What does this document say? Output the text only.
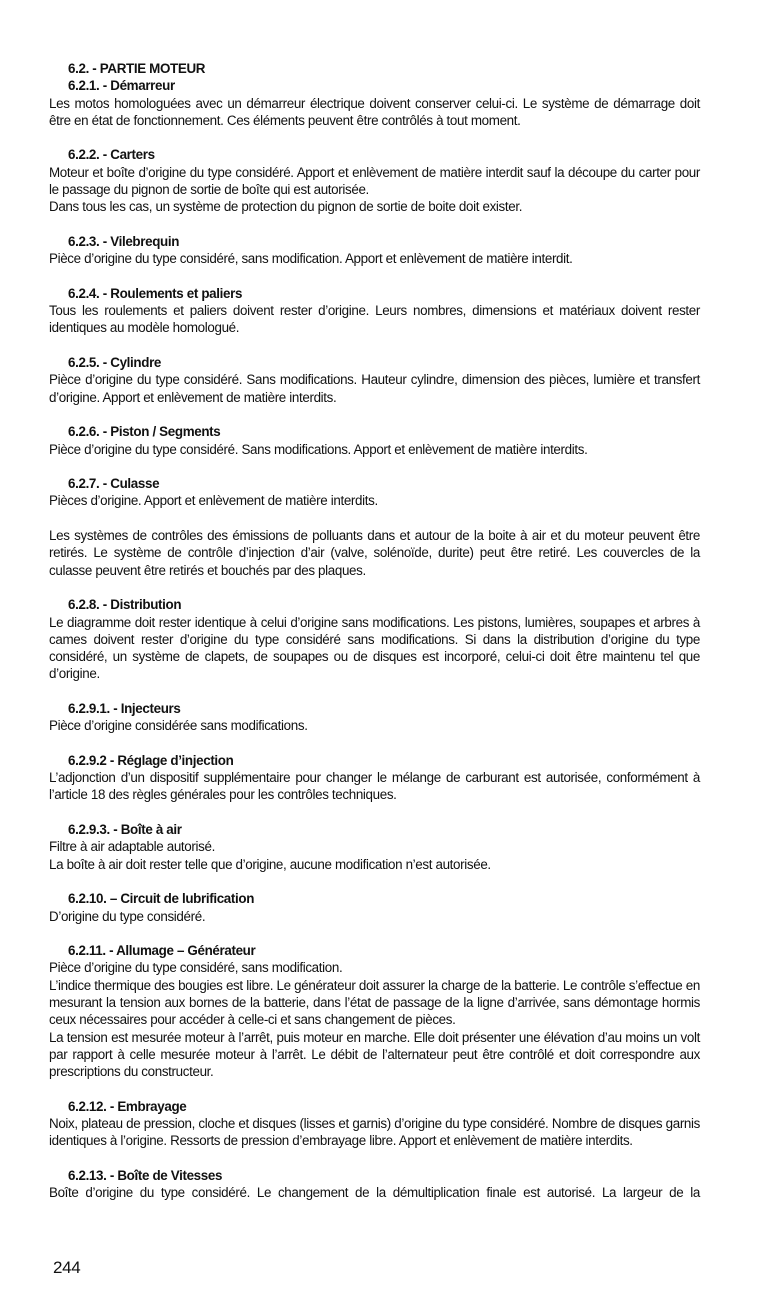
6.2. - PARTIE MOTEUR
6.2.1. - Démarreur

Les motos homologuées avec un démarreur électrique doivent conserver celui-ci. Le système de démarrage doit être en état de fonctionnement. Ces éléments peuvent être contrôlés à tout moment.

6.2.2. - Carters

Moteur et boîte d’origine du type considéré. Apport et enlèvement de matière interdit sauf la découpe du carter pour le passage du pignon de sortie de boîte qui est autorisée.

Dans tous les cas, un système de protection du pignon de sortie de boite doit exister.

6.2.3. - Vilebrequin

Pièce d’origine du type considéré, sans modification. Apport et enlèvement de matière interdit.

6.2.4. - Roulements et paliers

Tous les roulements et paliers doivent rester d’origine. Leurs nombres, dimensions et matériaux doivent rester identiques au modèle homologué.

6.2.5. - Cylindre

Pièce d’origine du type considéré. Sans modifications. Hauteur cylindre, dimension des pièces, lumière et transfert d’origine. Apport et enlèvement de matière interdits.

6.2.6. - Piston / Segments

Pièce d’origine du type considéré. Sans modifications. Apport et enlèvement de matière interdits.

6.2.7. - Culasse

Pièces d’origine. Apport et enlèvement de matière interdits.

Les systèmes de contrôles des émissions de polluants dans et autour de la boite à air et du moteur peuvent être retirés. Le système de contrôle d’injection d’air (valve, solénoïde, durite) peut être retiré. Les couvercles de la culasse peuvent être retirés et bouchés par des plaques.

6.2.8. - Distribution

Le diagramme doit rester identique à celui d’origine sans modifications. Les pistons, lumières, soupapes et arbres à cames doivent rester d’origine du type considéré sans modifications. Si dans la distribution d’origine du type considéré, un système de clapets, de soupapes ou de disques est incorporé, celui-ci doit être maintenu tel que d’origine.

6.2.9.1. - Injecteurs

Pièce d’origine considérée sans modifications.

6.2.9.2 - Réglage d’injection

L’adjonction d’un dispositif supplémentaire pour changer le mélange de carburant est autorisée, conformément à l’article 18 des règles générales pour les contrôles techniques.

6.2.9.3. - Boîte à air

Filtre à air adaptable autorisé.

La boîte à air doit rester telle que d’origine, aucune modification n’est autorisée.

6.2.10. – Circuit de lubrification

D’origine du type considéré.

6.2.11. - Allumage – Générateur

Pièce d’origine du type considéré, sans modification.

L’indice thermique des bougies est libre. Le générateur doit assurer la charge de la batterie. Le contrôle s’effectue en mesurant la tension aux bornes de la batterie, dans l’état de passage de la ligne d’arrivée, sans démontage hormis ceux nécessaires pour accéder à celle-ci et sans changement de pièces.

La tension est mesurée moteur à l’arrêt, puis moteur en marche. Elle doit présenter une élévation d’au moins un volt par rapport à celle mesurée moteur à l’arrêt. Le débit de l’alternateur peut être contrôlé et doit correspondre aux prescriptions du constructeur.

6.2.12. - Embrayage

Noix, plateau de pression, cloche et disques (lisses et garnis) d’origine du type considéré. Nombre de disques garnis identiques à l’origine. Ressorts de pression d’embrayage libre. Apport et enlèvement de matière interdits.

6.2.13. - Boîte de Vitesses

Boîte d’origine du type considéré. Le changement de la démultiplication finale est autorisé. La largeur de la

244
